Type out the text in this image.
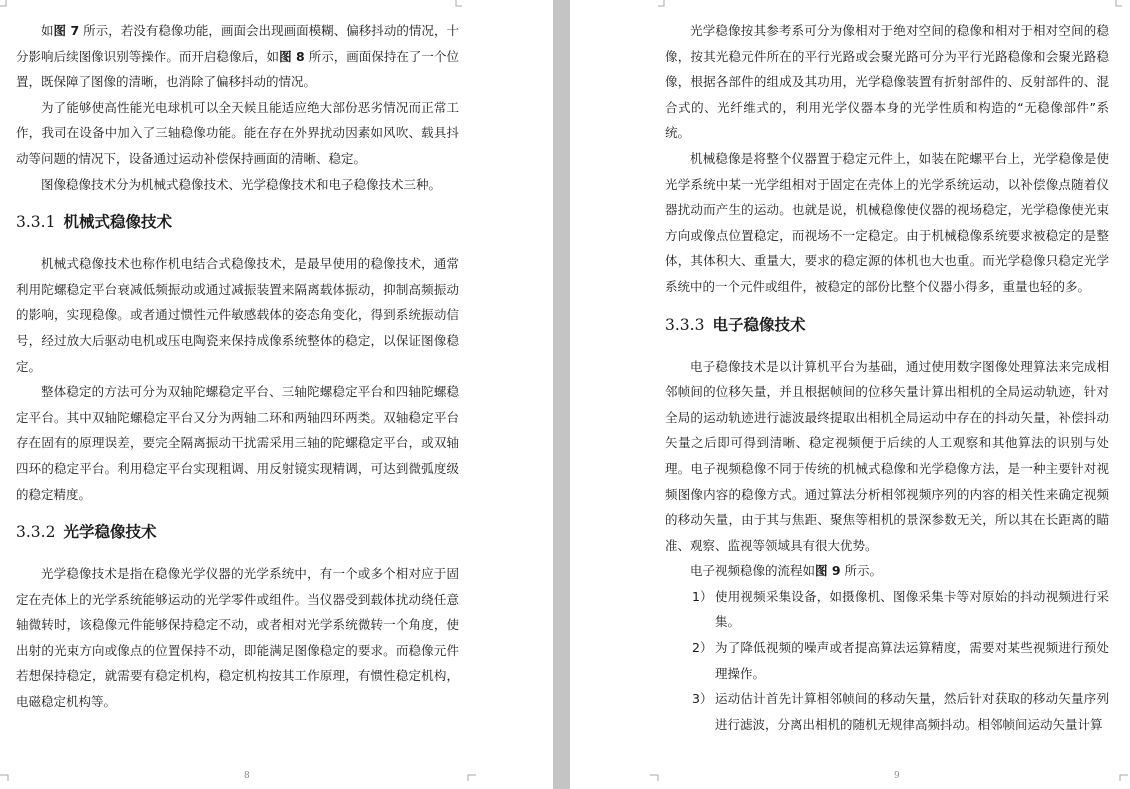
如图 7 所示，若没有稳像功能，画面会出现画面模糊、偏移抖动的情况，十分影响后续图像识别等操作。而开启稳像后，如图 8 所示，画面保持在了一个位置，既保障了图像的清晰，也消除了偏移抖动的情况。

为了能够使高性能光电球机可以全天候且能适应绝大部份恶劣情况而正常工作，我司在设备中加入了三轴稳像功能。能在存在外界扰动因素如风吹、载具抖动等问题的情况下，设备通过运动补偿保持画面的清晰、稳定。

图像稳像技术分为机械式稳像技术、光学稳像技术和电子稳像技术三种。

3.3.1 机械式稳像技术

机械式稳像技术也称作机电结合式稳像技术，是最早使用的稳像技术，通常利用陀螺稳定平台衰减低频振动或通过减振装置来隔离载体振动，抑制高频振动的影响，实现稳像。或者通过惯性元件敏感载体的姿态角变化，得到系统振动信号，经过放大后驱动电机或压电陶瓷来保持成像系统整体的稳定，以保证图像稳定。

整体稳定的方法可分为双轴陀螺稳定平台、三轴陀螺稳定平台和四轴陀螺稳定平台。其中双轴陀螺稳定平台又分为两轴二环和两轴四环两类。双轴稳定平台存在固有的原理误差，要完全隔离振动干扰需采用三轴的陀螺稳定平台，或双轴四环的稳定平台。利用稳定平台实现粗调、用反射镜实现精调，可达到微弧度级的稳定精度。

3.3.2 光学稳像技术

光学稳像技术是指在稳像光学仪器的光学系统中，有一个或多个相对应于固定在壳体上的光学系统能够运动的光学零件或组件。当仪器受到载体扰动绕任意轴微转时，该稳像元件能够保持稳定不动，或者相对光学系统微转一个角度，使出射的光束方向或像点的位置保持不动，即能满足图像稳定的要求。而稳像元件若想保持稳定，就需要有稳定机构，稳定机构按其工作原理，有惯性稳定机构，电磁稳定机构等。

8

光学稳像按其参考系可分为像相对于绝对空间的稳像和相对于相对空间的稳像，按其光稳元件所在的平行光路或会聚光路可分为平行光路稳像和会聚光路稳像，根据各部件的组成及其功用，光学稳像装置有折射部件的、反射部件的、混合式的、光纤维式的，利用光学仪器本身的光学性质和构造的“无稳像部件”系统。

机械稳像是将整个仪器置于稳定元件上，如装在陀螺平台上，光学稳像是使光学系统中某一光学组相对于固定在壳体上的光学系统运动，以补偿像点随着仪器扰动而产生的运动。也就是说，机械稳像使仪器的视场稳定，光学稳像使光束方向或像点位置稳定，而视场不一定稳定。由于机械稳像系统要求被稳定的是整体，其体积大、重量大，要求的稳定源的体机也大也重。而光学稳像只稳定光学系统中的一个元件或组件，被稳定的部份比整个仪器小得多，重量也轻的多。

3.3.3 电子稳像技术

电子稳像技术是以计算机平台为基础，通过使用数字图像处理算法来完成相邻帧间的位移矢量，并且根据帧间的位移矢量计算出相机的全局运动轨迹，针对全局的运动轨迹进行滤波最终提取出相机全局运动中存在的抖动矢量，补偿抖动矢量之后即可得到清晰、稳定视频便于后续的人工观察和其他算法的识别与处理。电子视频稳像不同于传统的机械式稳像和光学稳像方法，是一种主要针对视频图像内容的稳像方式。通过算法分析相邻视频序列的内容的相关性来确定视频的移动矢量，由于其与焦距、聚焦等相机的景深参数无关，所以其在长距离的瞄准、观察、监视等领域具有很大优势。

电子视频稳像的流程如图 9 所示。

1） 使用视频采集设备，如摄像机、图像采集卡等对原始的抖动视频进行采集。
2） 为了降低视频的噪声或者提高算法运算精度，需要对某些视频进行预处理操作。
3） 运动估计首先计算相邻帧间的移动矢量，然后针对获取的移动矢量序列进行滤波，分离出相机的随机无规律高频抖动。相邻帧间运动矢量计算
9
